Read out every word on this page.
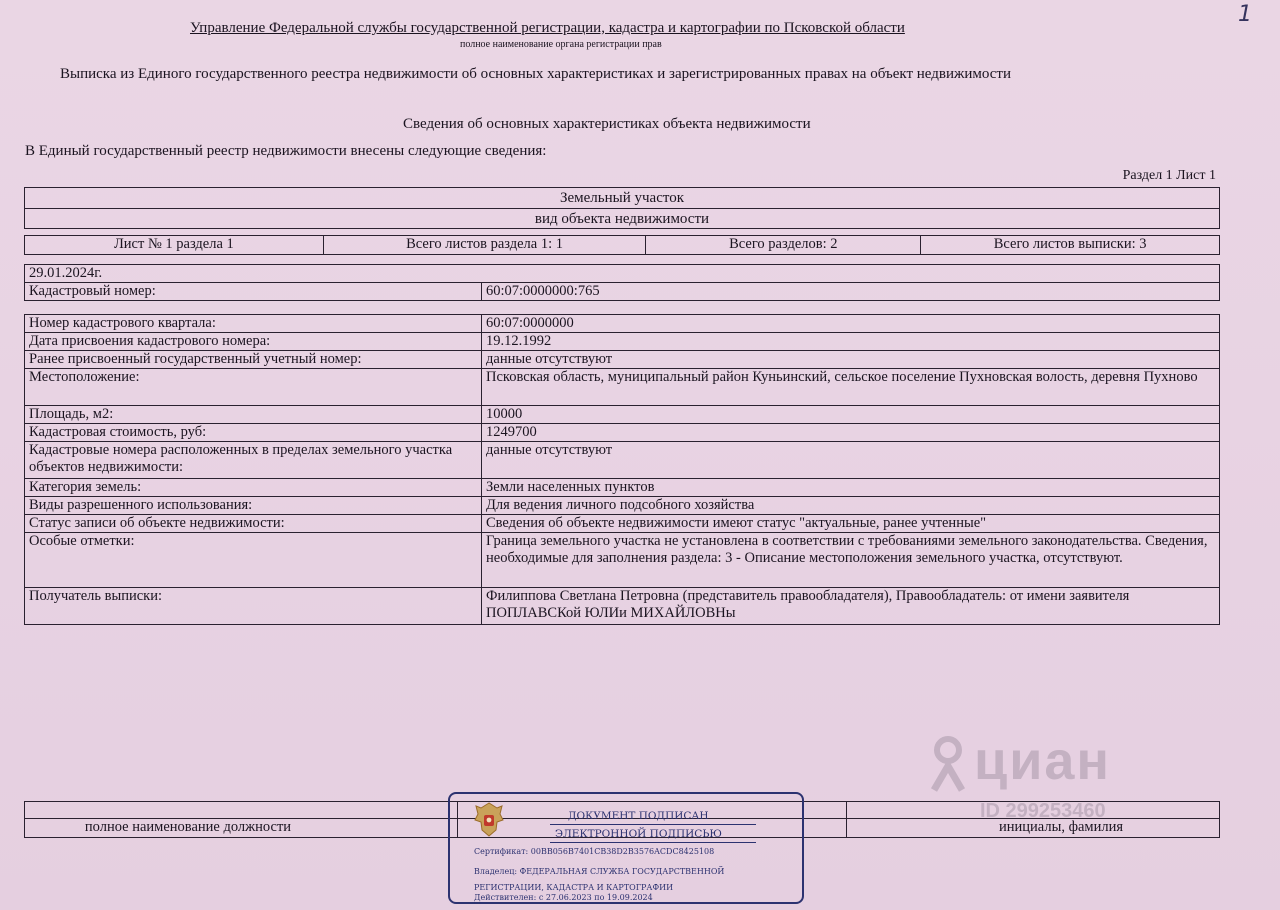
Управление Федеральной службы государственной регистрации, кадастра и картографии по Псковской области
полное наименование органа регистрации прав
1
Выписка из Единого государственного реестра недвижимости об основных характеристиках и зарегистрированных правах на объект недвижимости
Сведения об основных характеристиках объекта недвижимости
В Единый государственный реестр недвижимости внесены следующие сведения:
Раздел 1 Лист 1
Земельный участок
вид объекта недвижимости
Лист № 1 раздела 1	Всего листов раздела 1: 1	Всего разделов: 2	Всего листов выписки: 3
29.01.2024г.
Кадастровый номер:	60:07:0000000:765
Номер кадастрового квартала:	60:07:0000000
Дата присвоения кадастрового номера:	19.12.1992
Ранее присвоенный государственный учетный номер:	данные отсутствуют
Местоположение:	Псковская область, муниципальный район Куньинский, сельское поселение Пухновская волость, деревня Пухново
Площадь, м2:	10000
Кадастровая стоимость, руб:	1249700
Кадастровые номера расположенных в пределах земельного участка объектов недвижимости:	данные отсутствуют
Категория земель:	Земли населенных пунктов
Виды разрешенного использования:	Для ведения личного подсобного хозяйства
Статус записи об объекте недвижимости:	Сведения об объекте недвижимости имеют статус "актуальные, ранее учтенные"
Особые отметки:	Граница земельного участка не установлена в соответствии с требованиями земельного законодательства. Сведения, необходимые для заполнения раздела: 3 - Описание местоположения земельного участка, отсутствуют.
Получатель выписки:	Филиппова Светлана Петровна (представитель правообладателя), Правообладатель: от имени заявителя ПОПЛАВСКой ЮЛИи МИХАЙЛОВНы

полное наименование должности		инициалы, фамилия
циан
ID 299253460
ДОКУМЕНТ ПОДПИСАН
ЭЛЕКТРОННОЙ ПОДПИСЬЮ
Сертификат: 00BB056B7401CB38D2B3576ACDC8425108
Владелец: ФЕДЕРАЛЬНАЯ СЛУЖБА ГОСУДАРСТВЕННОЙ РЕГИСТРАЦИИ, КАДАСТРА И КАРТОГРАФИИ
Действителен: с 27.06.2023 по 19.09.2024
